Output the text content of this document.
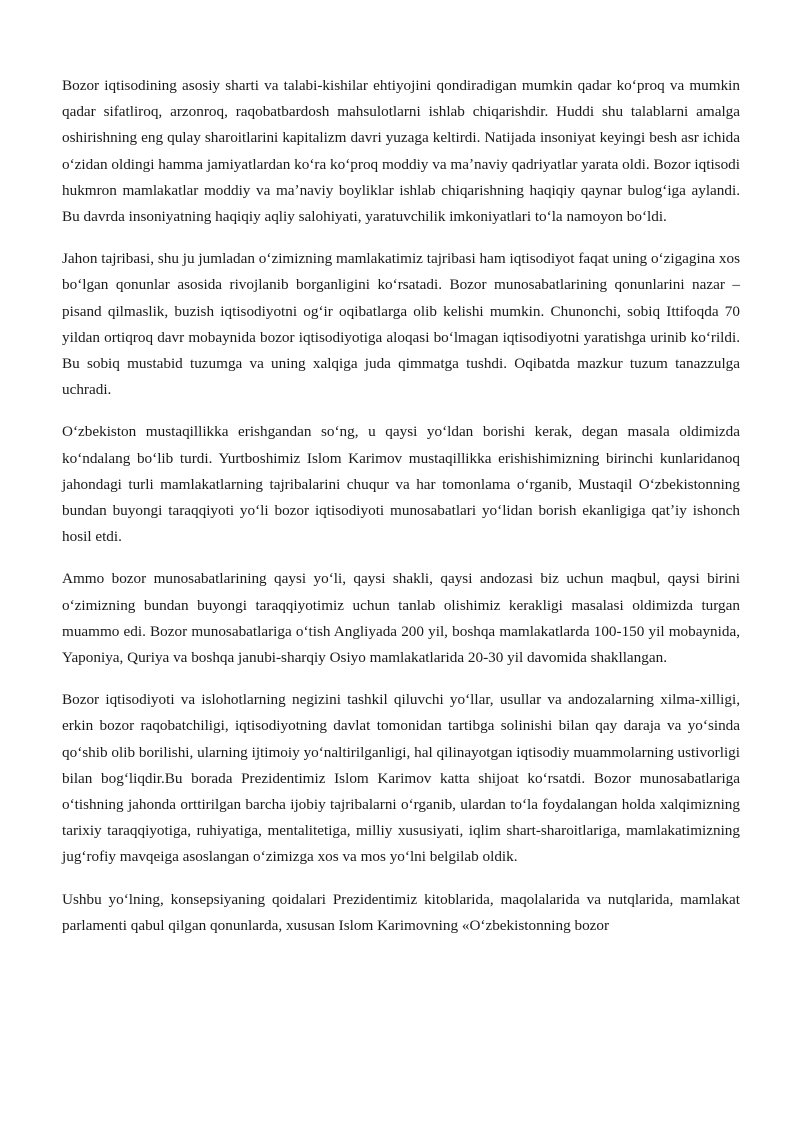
Bozor iqtisodining asosiy sharti va talabi-kishilar ehtiyojini qondiradigan mumkin qadar koʻproq va mumkin qadar sifatliroq, arzonroq, raqobatbardosh mahsulotlarni ishlab chiqarishdir. Huddi shu talablarni amalga oshirishning eng qulay sharoitlarini kapitalizm davri yuzaga keltirdi. Natijada insoniyat keyingi besh asr ichida oʻzidan oldingi hamma jamiyatlardan koʻra koʻproq moddiy va maʼnaviy qadriyatlar yarata oldi. Bozor iqtisodi hukmron mamlakatlar moddiy va maʼnaviy boyliklar ishlab chiqarishning haqiqiy qaynar bulogʻiga aylandi. Bu davrda insoniyatning haqiqiy aqliy salohiyati, yaratuvchilik imkoniyatlari toʻla namoyon boʻldi.

Jahon tajribasi, shu ju jumladan oʻzimizning mamlakatimiz tajribasi ham iqtisodiyot faqat uning oʻzigagina xos boʻlgan qonunlar asosida rivojlanib borganligini koʻrsatadi. Bozor munosabatlarining qonunlarini nazar – pisand qilmaslik, buzish iqtisodiyotni ogʻir oqibatlarga olib kelishi mumkin. Chunonchi, sobiq Ittifoqda 70 yildan ortiqroq davr mobaynida bozor iqtisodiyotiga aloqasi boʻlmagan iqtisodiyotni yaratishga urinib koʻrildi. Bu sobiq mustabid tuzumga va uning xalqiga juda qimmatga tushdi. Oqibatda mazkur tuzum tanazzulga uchradi.

Oʻzbekiston mustaqillikka erishgandan soʻng, u qaysi yoʻldan borishi kerak, degan masala oldimizda koʻndalang boʻlib turdi. Yurtboshimiz Islom Karimov mustaqillikka erishishimizning birinchi kunlaridanoq jahondagi turli mamlakatlarning tajribalarini chuqur va har tomonlama oʻrganib, Mustaqil Oʻzbekistonning bundan buyongi taraqqiyoti yoʻli bozor iqtisodiyoti munosabatlari yoʻlidan borish ekanligiga qatʼiy ishonch hosil etdi.

Ammo bozor munosabatlarining qaysi yoʻli, qaysi shakli, qaysi andozasi biz uchun maqbul, qaysi birini oʻzimizning bundan buyongi taraqqiyotimiz uchun tanlab olishimiz kerakligi masalasi oldimizda turgan muammo edi. Bozor munosabatlariga oʻtish Angliyada 200 yil, boshqa mamlakatlarda 100-150 yil mobaynida, Yaponiya, Quriya va boshqa janubi-sharqiy Osiyo mamlakatlarida 20-30 yil davomida shakllangan.

Bozor iqtisodiyoti va islohotlarning negizini tashkil qiluvchi yoʻllar, usullar va andozalarning xilma-xilligi, erkin bozor raqobatchiligi, iqtisodiyotning davlat tomonidan tartibga solinishi bilan qay daraja va yoʻsinda qoʻshib olib borilishi, ularning ijtimoiy yoʻnaltirilganligi, hal qilinayotgan iqtisodiy muammolarning ustivorligi bilan bogʻliqdir.Bu borada Prezidentimiz Islom Karimov katta shijoat koʻrsatdi. Bozor munosabatlariga oʻtishning jahonda orttirilgan barcha ijobiy tajribalarni oʻrganib, ulardan toʻla foydalangan holda xalqimizning tarixiy taraqqiyotiga, ruhiyatiga, mentalitetiga, milliy xususiyati, iqlim shart-sharoitlariga, mamlakatimizning jugʻrofiy mavqeiga asoslangan oʻzimizga xos va mos yoʻlni belgilab oldik.

Ushbu yoʻlning, konsepsiyaning qoidalari Prezidentimiz kitoblarida, maqolalarida va nutqlarida, mamlakat parlamenti qabul qilgan qonunlarda, xususan Islom Karimovning «Oʻzbekistonning bozor
